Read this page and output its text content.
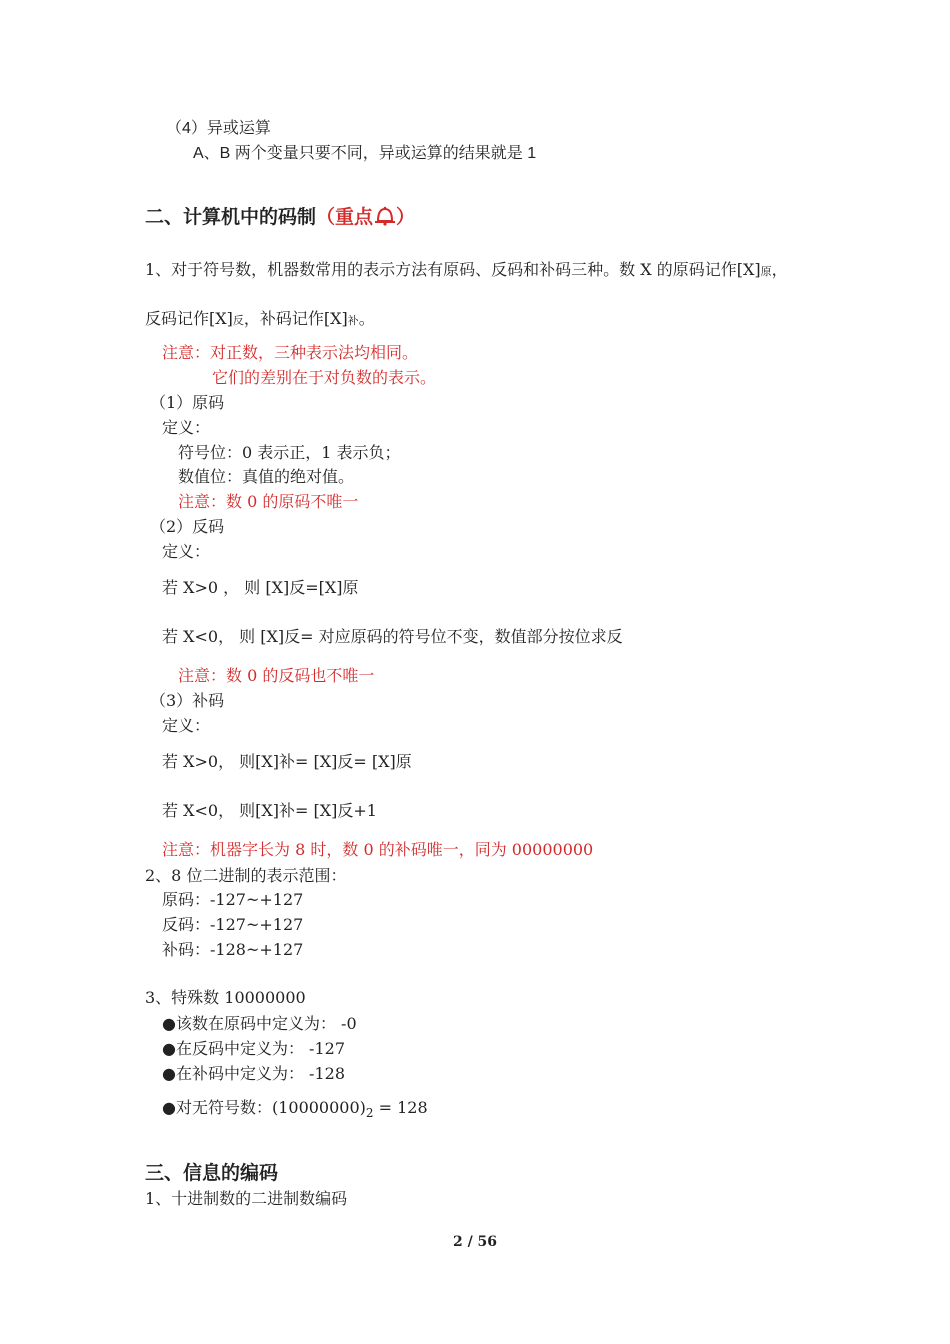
（4）异或运算
A、B 两个变量只要不同，异或运算的结果就是 1
二、计算机中的码制（重点 ）
1、对于符号数，机器数常用的表示方法有原码、反码和补码三种。数 X 的原码记作[X]原，
反码记作[X]反，补码记作[X]补。
注意：对正数，三种表示法均相同。
它们的差别在于对负数的表示。
（1）原码
定义：
符号位：0 表示正，1 表示负；
数值位：真值的绝对值。
注意：数 0 的原码不唯一
（2）反码
定义：
若 X>0 ， 则 [X]反=[X]原
若 X<0， 则 [X]反= 对应原码的符号位不变，数值部分按位求反
注意：数 0 的反码也不唯一
（3）补码
定义：
若 X>0， 则[X]补= [X]反= [X]原
若 X<0， 则[X]补= [X]反+1
注意：机器字长为 8 时，数 0 的补码唯一，同为 00000000
2、8 位二进制的表示范围：
原码：-127~+127
反码：-127~+127
补码：-128~+127
3、特殊数 10000000
●该数在原码中定义为： -0
●在反码中定义为： -127
●在补码中定义为： -128
●对无符号数：$(10000000)_2 = 128$
三、信息的编码
1、十进制数的二进制数编码
2 / 56
